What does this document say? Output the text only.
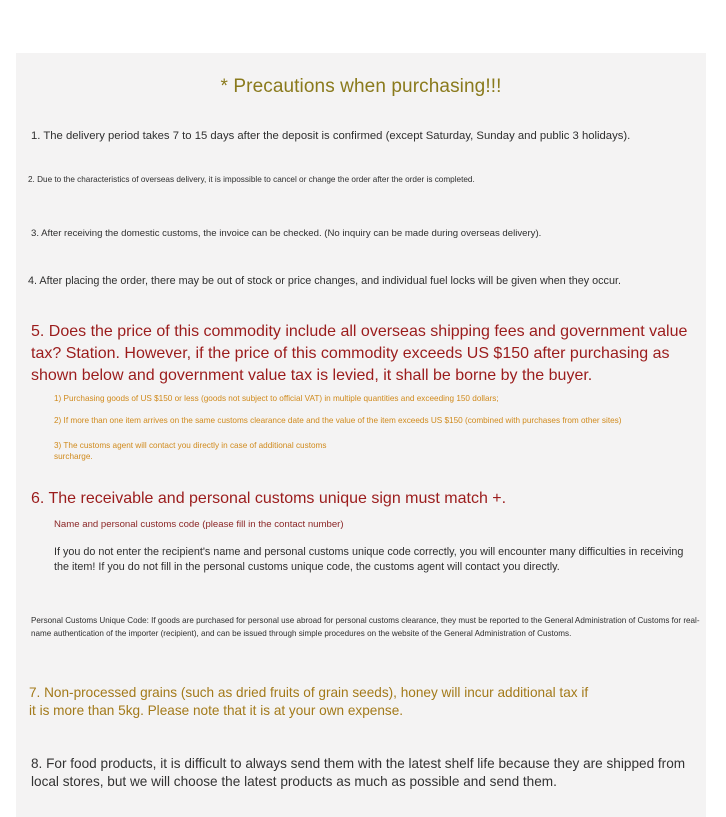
* Precautions when purchasing!!!

1. The delivery period takes 7 to 15 days after the deposit is confirmed (except Saturday, Sunday and public 3 holidays).

2. Due to the characteristics of overseas delivery, it is impossible to cancel or change the order after the order is completed.

3. After receiving the domestic customs, the invoice can be checked. (No inquiry can be made during overseas delivery).

4. After placing the order, there may be out of stock or price changes, and individual fuel locks will be given when they occur.

5. Does the price of this commodity include all overseas shipping fees and government value tax? Station. However, if the price of this commodity exceeds US $150 after purchasing as shown below and government value tax is levied, it shall be borne by the buyer.

1) Purchasing goods of US $150 or less (goods not subject to official VAT) in multiple quantities and exceeding 150 dollars;

2) If more than one item arrives on the same customs clearance date and the value of the item exceeds US $150 (combined with purchases from other sites)

3) The customs agent will contact you directly in case of additional customs surcharge.

6. The receivable and personal customs unique sign must match +.

Name and personal customs code (please fill in the contact number)

If you do not enter the recipient's name and personal customs unique code correctly, you will encounter many difficulties in receiving the item! If you do not fill in the personal customs unique code, the customs agent will contact you directly.

Personal Customs Unique Code: If goods are purchased for personal use abroad for personal customs clearance, they must be reported to the General Administration of Customs for real-name authentication of the importer (recipient), and can be issued through simple procedures on the website of the General Administration of Customs.

7. Non-processed grains (such as dried fruits of grain seeds), honey will incur additional tax if it is more than 5kg. Please note that it is at your own expense.

8. For food products, it is difficult to always send them with the latest shelf life because they are shipped from local stores, but we will choose the latest products as much as possible and send them.
